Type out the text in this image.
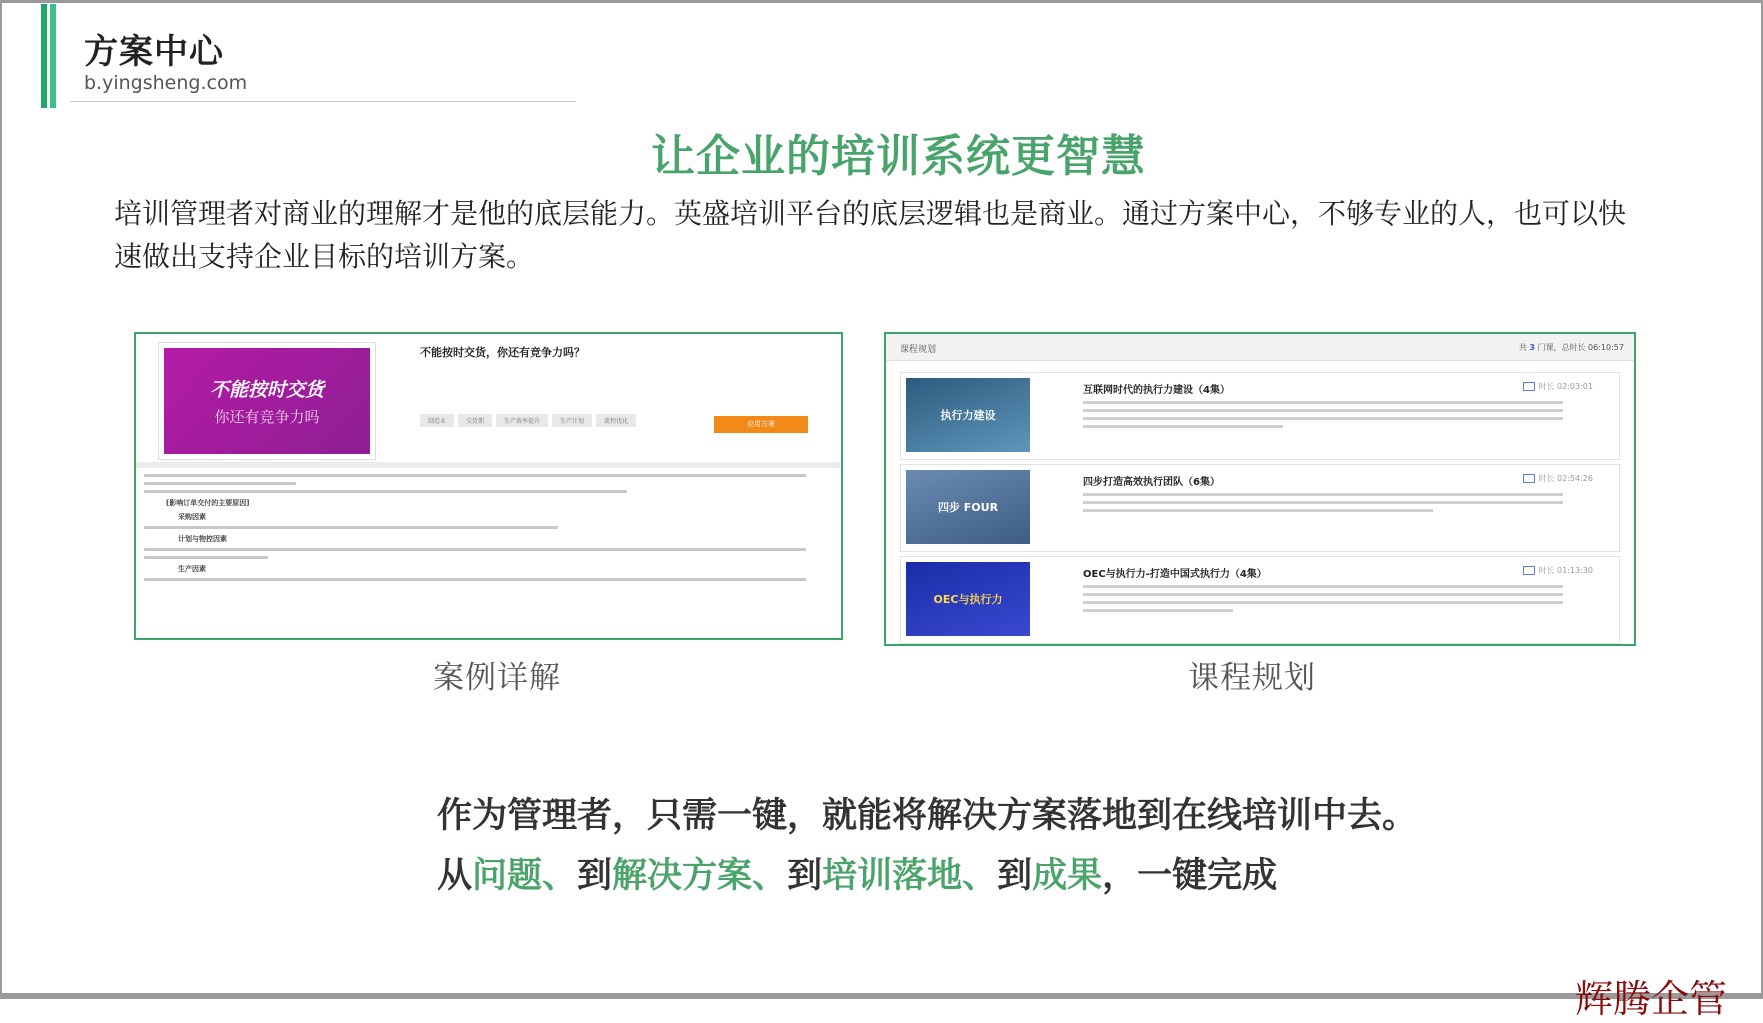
方案中心
b.yingsheng.com
让企业的培训系统更智慧
培训管理者对商业的理解才是他的底层能力。英盛培训平台的底层逻辑也是商业。通过方案中心，不够专业的人，也可以快速做出支持企业目标的培训方案。
不能按时交货
你还有竞争力吗
不能按时交货，你还有竞争力吗？
制造业	交货期	生产效率提升	生产计划	流程优化	应用方案
[影响订单交付的主要原因]
采购因素
计划与物控因素
生产因素
课程规划	共 3 门课，总时长 06:10:57
执行力建设
互联网时代的执行力建设（4集）	时长 02:03:01
四步 FOUR
四步打造高效执行团队（6集）	时长 02:54:26
OEC与执行力
OEC与执行力-打造中国式执行力（4集）	时长 01:13:30
案例详解	课程规划
作为管理者，只需一键，就能将解决方案落地到在线培训中去。
从问题、到解决方案、到培训落地、到成果，一键完成
辉腾企管
